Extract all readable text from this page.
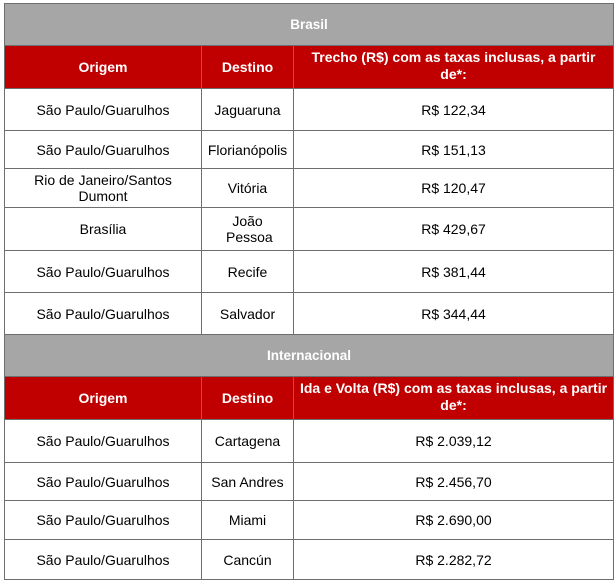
Brasil		
Origem	Destino	Trecho (R$) com as taxas inclusas, a partir de*:
São Paulo/Guarulhos	Jaguaruna	R$ 122,34
São Paulo/Guarulhos	Florianópolis	R$ 151,13
Rio de Janeiro/Santos Dumont	Vitória	R$ 120,47
Brasília	João Pessoa	R$ 429,67
São Paulo/Guarulhos	Recife	R$ 381,44
São Paulo/Guarulhos	Salvador	R$ 344,44
Internacional		
Origem	Destino	Ida e Volta (R$) com as taxas inclusas, a partir de*:
São Paulo/Guarulhos	Cartagena	R$ 2.039,12
São Paulo/Guarulhos	San Andres	R$ 2.456,70
São Paulo/Guarulhos	Miami	R$ 2.690,00
São Paulo/Guarulhos	Cancún	R$ 2.282,72
